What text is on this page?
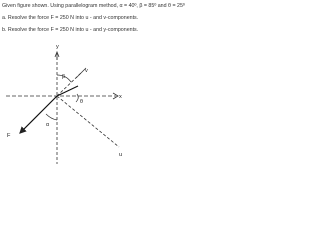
Given figure shown. Using parallelogram method, α = 40º, β = 85º and θ = 25º
a. Resolve the force F = 250 N into u - and v-components.
b. Resolve the force F = 250 N into u - and y-components.
y
x
v
u
F
β
θ
α
